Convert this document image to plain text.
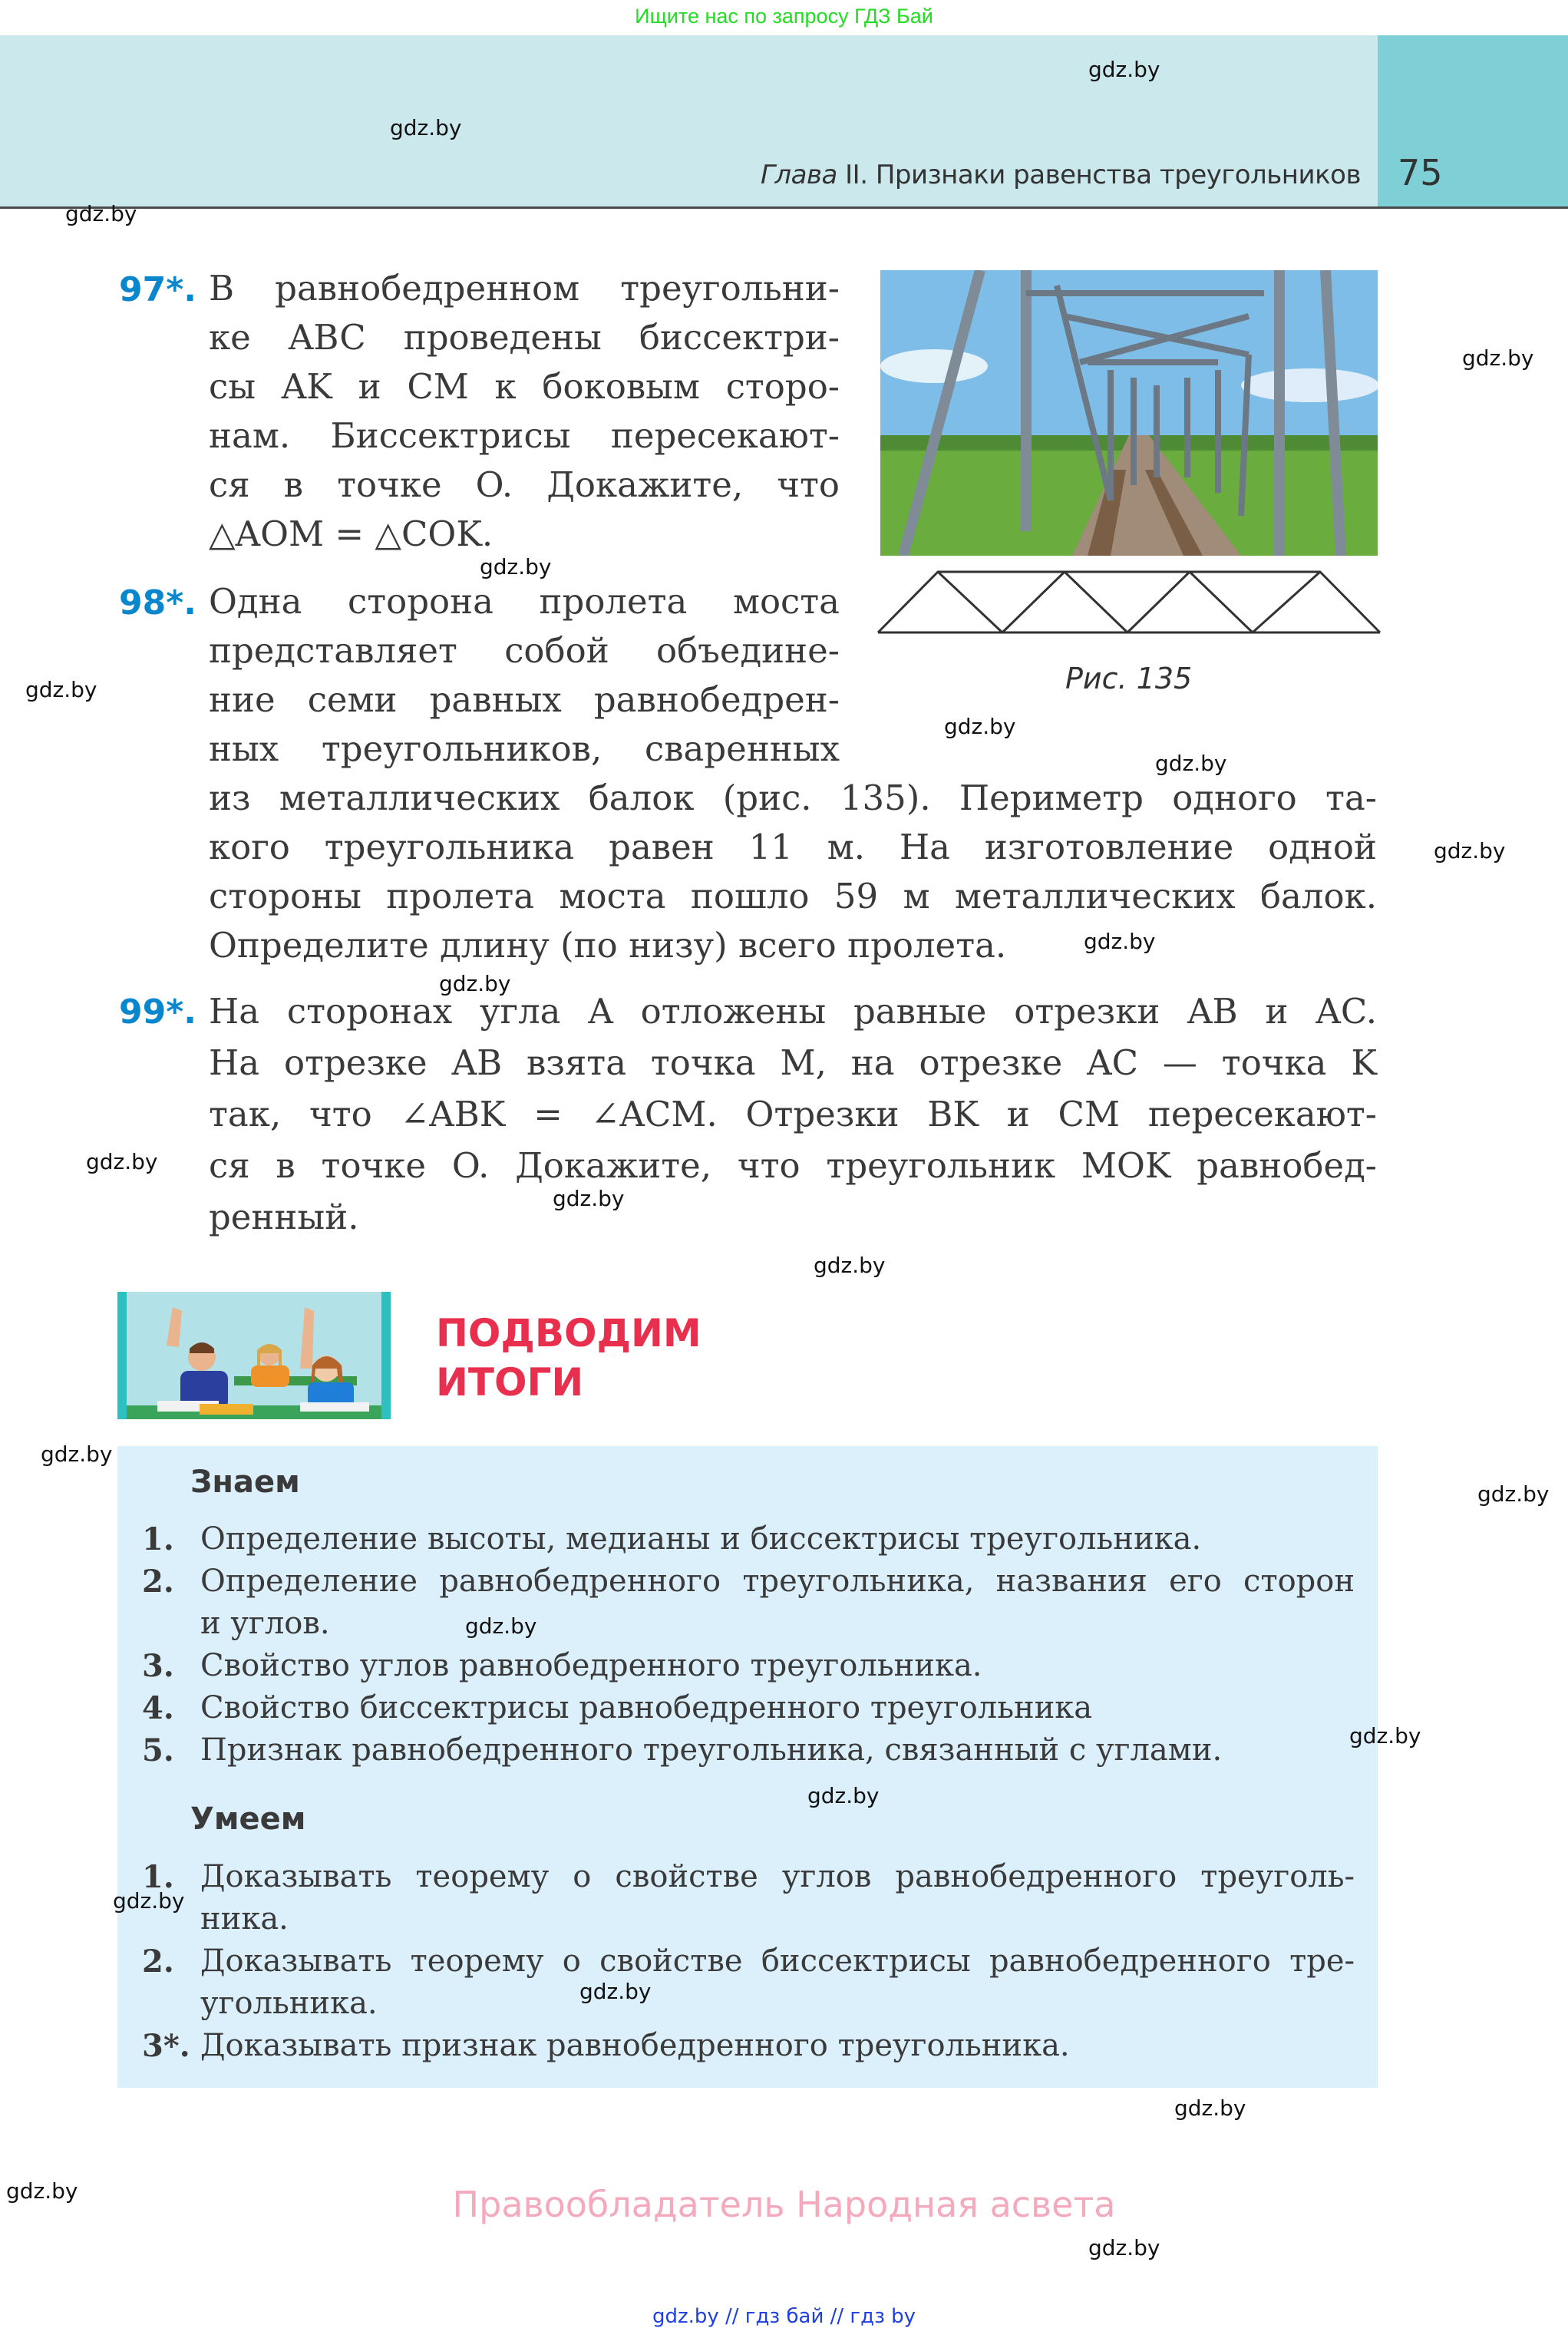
Ищите нас по запросу ГДЗ Бай
Глава II. Признаки равенства треугольников 75
97*. В равнобедренном треугольни-
ке ABC проведены биссектри-
сы AK и CM к боковым сторо-
нам. Биссектрисы пересекают-
ся в точке O. Докажите, что
△AOM = △COK.
Рис. 135
98*. Одна сторона пролета моста
представляет собой объедине-
ние семи равных равнобедрен-
ных треугольников, сваренных
из металлических балок (рис. 135). Периметр одного та-
кого треугольника равен 11 м. На изготовление одной
стороны пролета моста пошло 59 м металлических балок.
Определите длину (по низу) всего пролета.
99*. На сторонах угла A отложены равные отрезки AB и AC.
На отрезке AB взята точка M, на отрезке AC — точка K
так, что ∠ABK = ∠ACM. Отрезки BK и CM пересекают-
ся в точке O. Докажите, что треугольник MOK равнобед-
ренный.
ПОДВОДИМ
ИТОГИ
Знаем
1. Определение высоты, медианы и биссектрисы треугольника.
2. Определение равнобедренного треугольника, названия его сторон
и углов.
3. Свойство углов равнобедренного треугольника.
4. Свойство биссектрисы равнобедренного треугольника
5. Признак равнобедренного треугольника, связанный с углами.
Умеем
1. Доказывать теорему о свойстве углов равнобедренного треуголь-
ника.
2. Доказывать теорему о свойстве биссектрисы равнобедренного тре-
угольника.
3*. Доказывать признак равнобедренного треугольника.
Правообладатель Народная асвета
gdz.by // гдз бай // гдз by
gdz.by
gdz.by
gdz.by
gdz.by
gdz.by
gdz.by
gdz.by
gdz.by
gdz.by
gdz.by
gdz.by
gdz.by
gdz.by
gdz.by
gdz.by
gdz.by
gdz.by
gdz.by
gdz.by
gdz.by
gdz.by
gdz.by
gdz.by
gdz.by
